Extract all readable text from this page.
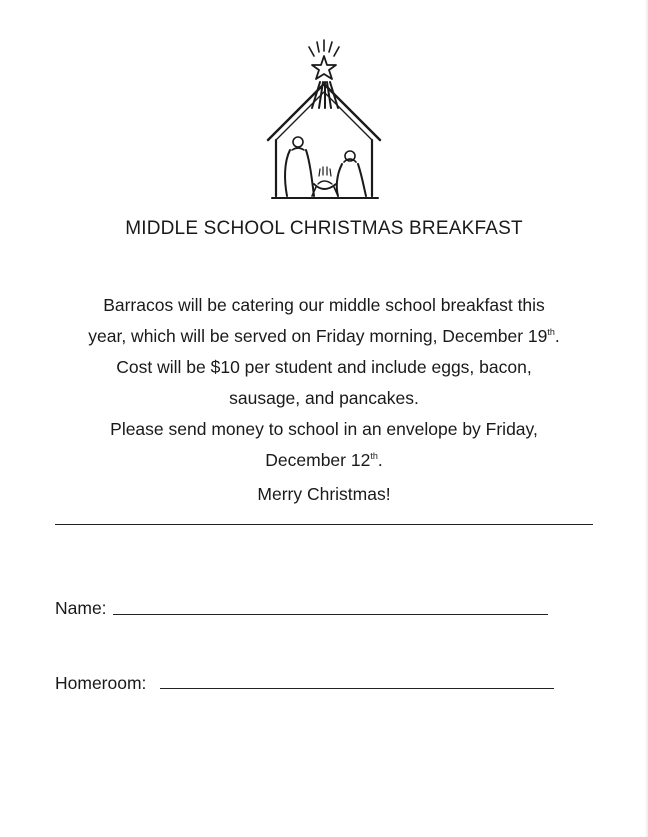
MIDDLE SCHOOL CHRISTMAS BREAKFAST
Barracos will be catering our middle school breakfast this
year, which will be served on Friday morning, December 19th.
Cost will be $10 per student and include eggs, bacon,
sausage, and pancakes.
Please send money to school in an envelope by Friday,
December 12th.
Merry Christmas!
Name:
Homeroom:
